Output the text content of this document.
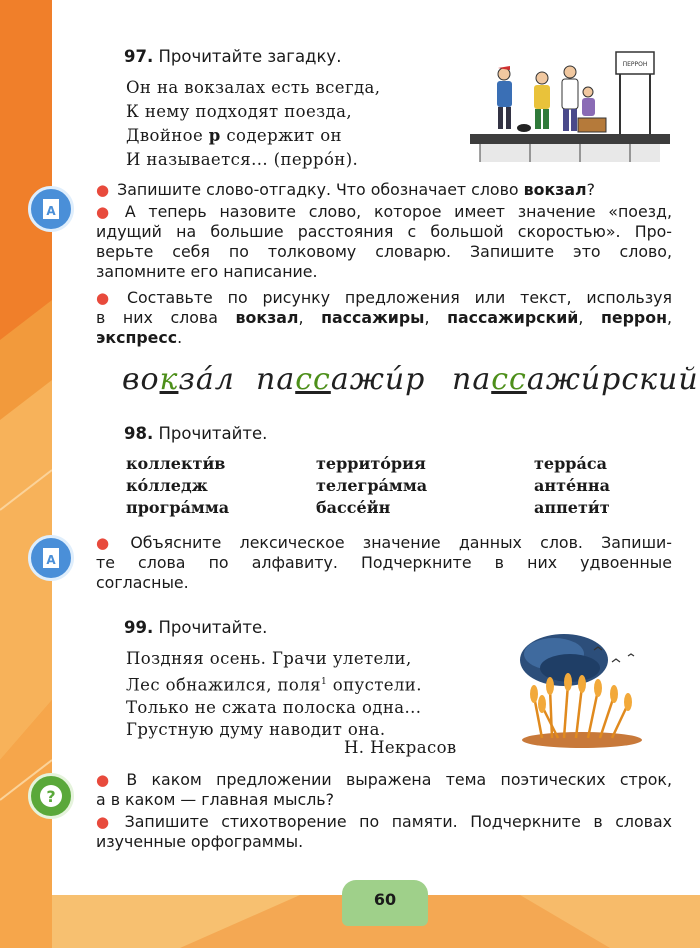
97. Прочитайте загадку.
Он на вокзалах есть всегда,
К нему подходят поезда,
Двойное р содержит он
И называется... (перрóн).
ПЕРРОН
А
● Запишите слово-отгадку. Что обозначает слово вокзал?
● А теперь назовите слово, которое имеет значение «поезд,
идущий на большие расстояния с большой скоростью». Про-
верьте себя по толковому словарю. Запишите это слово,
запомните его написание.
● Составьте по рисунку предложения или текст, используя
в них слова вокзал, пассажиры, пассажирский, перрон,
экспресс.
вокзáл пассажи́р пассажи́рский
98. Прочитайте.
коллекти́в
кóлледж
прогрáмма
террито́рия
телегрáмма
бассе́йн
террáса
анте́нна
аппети́т
А
● Объясните лексическое значение данных слов. Запиши-
те слова по алфавиту. Подчеркните в них удвоенные
согласные.
99. Прочитайте.
Поздняя осень. Грачи улетели,
Лес обнажился, поля$^1$ опустели.
Только не сжата полоска одна...
Грустную думу наводит она.
Н. Некрасов
?
● В каком предложении выражена тема поэтических строк,
а в каком — главная мысль?
● Запишите стихотворение по памяти. Подчеркните в словах
изученные орфограммы.
60
